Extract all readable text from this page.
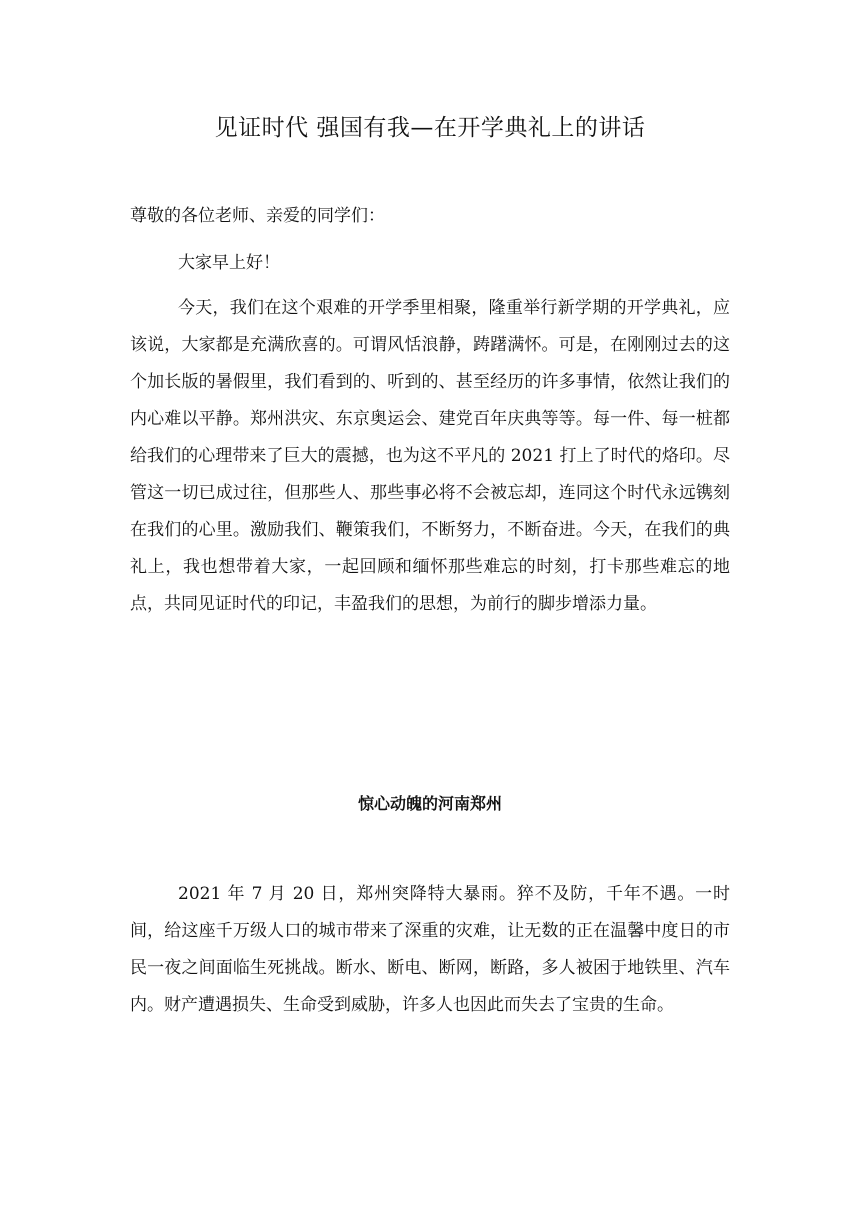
见证时代 强国有我—在开学典礼上的讲话

尊敬的各位老师、亲爱的同学们：

大家早上好！

今天，我们在这个艰难的开学季里相聚，隆重举行新学期的开学典礼，应该说，大家都是充满欣喜的。可谓风恬浪静，踌躇满怀。可是，在刚刚过去的这个加长版的暑假里，我们看到的、听到的、甚至经历的许多事情，依然让我们的内心难以平静。郑州洪灾、东京奥运会、建党百年庆典等等。每一件、每一桩都给我们的心理带来了巨大的震撼，也为这不平凡的 2021 打上了时代的烙印。尽管这一切已成过往，但那些人、那些事必将不会被忘却，连同这个时代永远镌刻在我们的心里。激励我们、鞭策我们，不断努力，不断奋进。今天，在我们的典礼上，我也想带着大家，一起回顾和缅怀那些难忘的时刻，打卡那些难忘的地点，共同见证时代的印记，丰盈我们的思想，为前行的脚步增添力量。

惊心动魄的河南郑州

2021 年 7 月 20 日，郑州突降特大暴雨。猝不及防，千年不遇。一时间，给这座千万级人口的城市带来了深重的灾难，让无数的正在温馨中度日的市民一夜之间面临生死挑战。断水、断电、断网，断路，多人被困于地铁里、汽车内。财产遭遇损失、生命受到威胁，许多人也因此而失去了宝贵的生命。
